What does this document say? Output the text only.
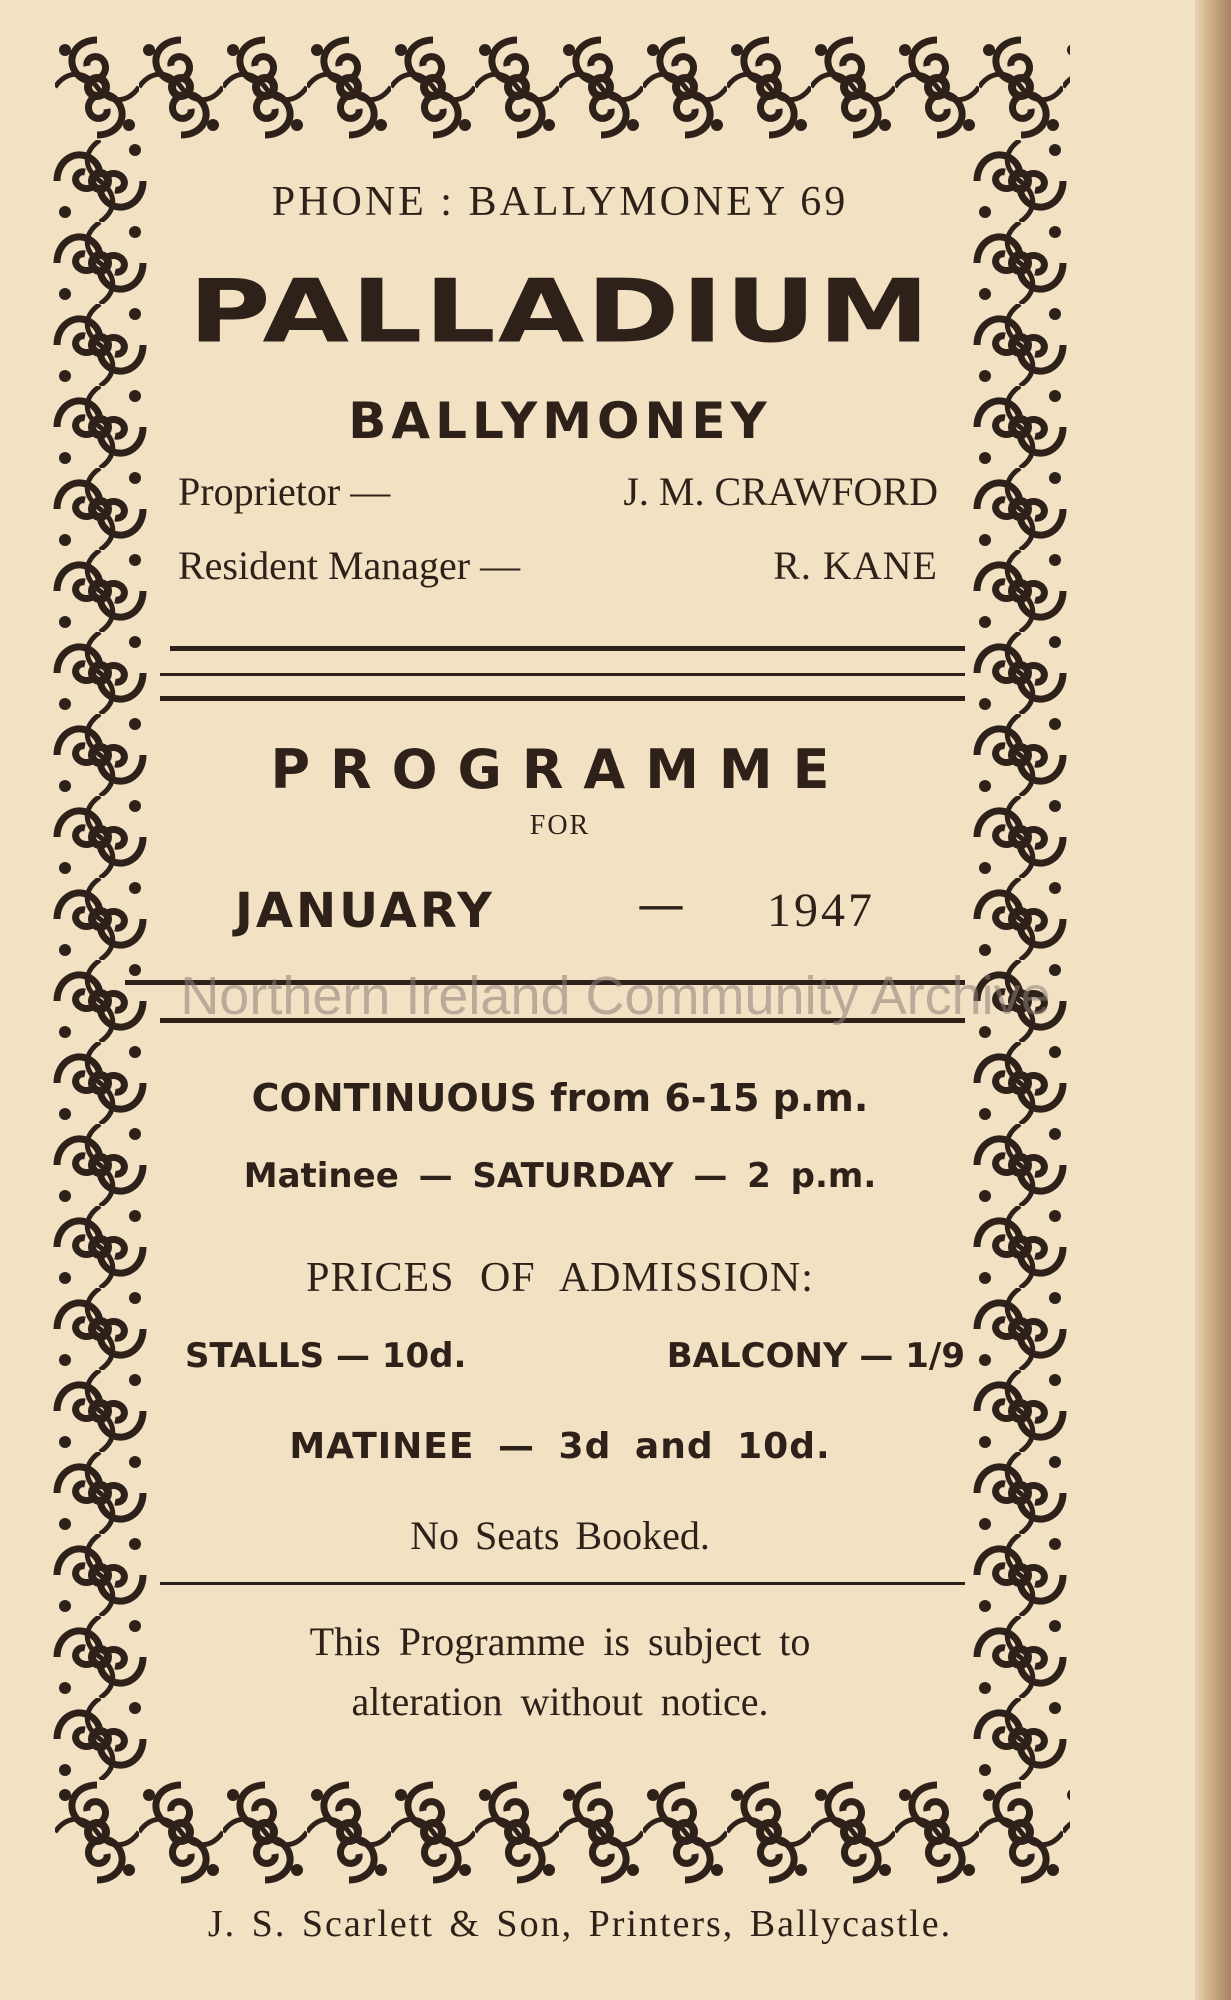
PHONE : BALLYMONEY 69
PALLADIUM
BALLYMONEY
Proprietor —	J. M. CRAWFORD
Resident Manager —	R. KANE
PROGRAMME
FOR
JANUARY	— 1947
CONTINUOUS from 6-15 p.m.
Matinee — SATURDAY — 2 p.m.
PRICES OF ADMISSION:
STALLS — 10d.	BALCONY — 1/9
MATINEE — 3d and 10d.
No Seats Booked.
This Programme is subject to
alteration without notice.
J. S. Scarlett & Son, Printers, Ballycastle.
Northern Ireland Community Archive
